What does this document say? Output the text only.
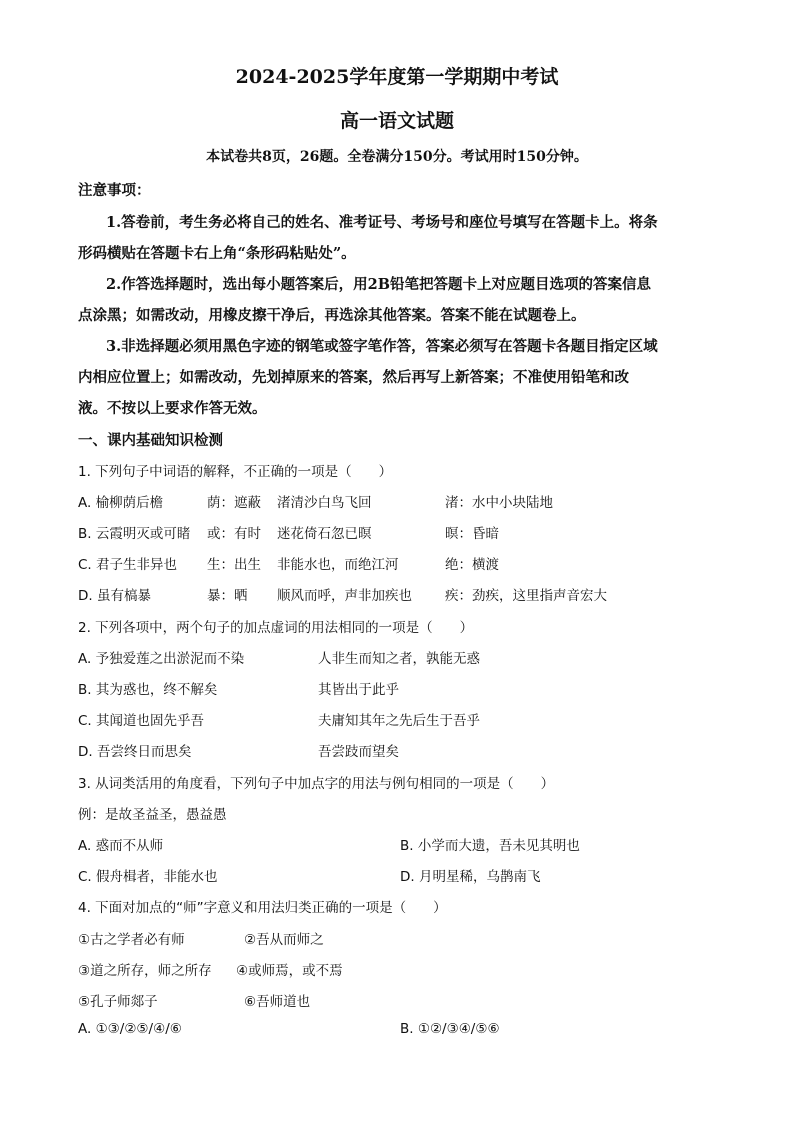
2024-2025学年度第一学期期中考试
高一语文试题
本试卷共8页，26题。全卷满分150分。考试用时150分钟。
注意事项：
1.答卷前，考生务必将自己的姓名、准考证号、考场号和座位号填写在答题卡上。将条
形码横贴在答题卡右上角“条形码粘贴处”。
2.作答选择题时，选出每小题答案后，用2B铅笔把答题卡上对应题目选项的答案信息
点涂黑；如需改动，用橡皮擦干净后，再选涂其他答案。答案不能在试题卷上。
3.非选择题必须用黑色字迹的钢笔或签字笔作答，答案必须写在答题卡各题目指定区域
内相应位置上；如需改动，先划掉原来的答案，然后再写上新答案；不准使用铅笔和改
液。不按以上要求作答无效。
一、课内基础知识检测
1. 下列句子中词语的解释，不正确的一项是（　　）
A. 榆柳荫后檐	荫：遮蔽 渚清沙白鸟飞回	渚：水中小块陆地
B. 云霞明灭或可睹 或：有时 迷花倚石忽已暝	暝：昏暗
C. 君子生非异也 生：出生 非能水也，而绝江河	绝：横渡
D. 虽有槁暴	暴：晒 顺风而呼，声非加疾也 疾：劲疾，这里指声音宏大
2. 下列各项中，两个句子的加点虚词的用法相同的一项是（　　）
A. 予独爱莲之出淤泥而不染	人非生而知之者，孰能无惑
B. 其为惑也，终不解矣	其皆出于此乎
C. 其闻道也固先乎吾	夫庸知其年之先后生于吾乎
D. 吾尝终日而思矣	吾尝跂而望矣
3. 从词类活用的角度看，下列句子中加点字的用法与例句相同的一项是（　　）
例：是故圣益圣，愚益愚
A. 惑而不从师	B. 小学而大遗，吾未见其明也
C. 假舟楫者，非能水也	D. 月明星稀，乌鹊南飞
4. 下面对加点的“师”字意义和用法归类正确的一项是（　　）
①古之学者必有师	②吾从而师之
③道之所存，师之所存 ④或师焉，或不焉
⑤孔子师郯子	⑥吾师道也
A. ①③/②⑤/④/⑥	B. ①②/③④/⑤⑥
